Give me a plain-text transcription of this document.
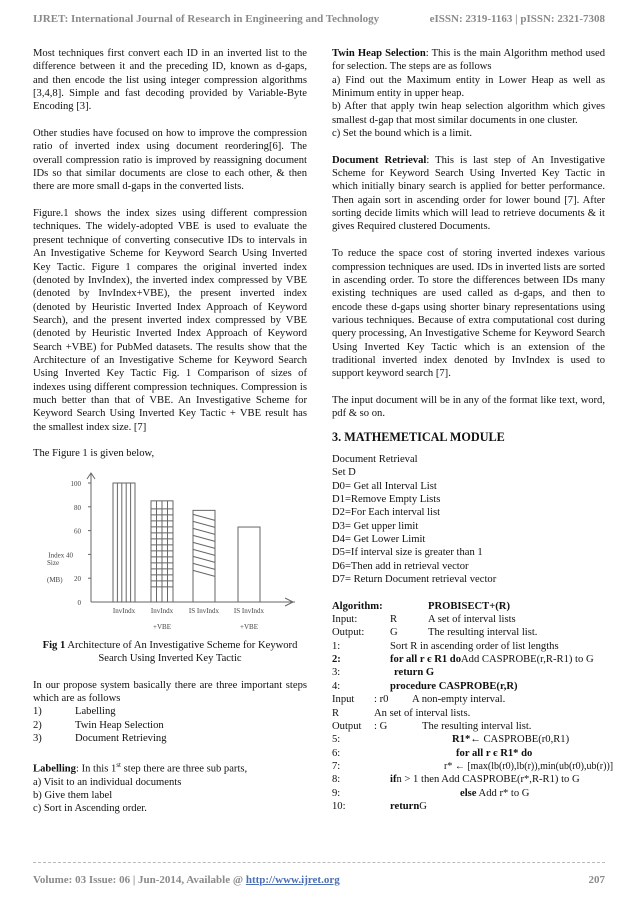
IJRET: International Journal of Research in Engineering and Technology	eISSN: 2319-1163 | pISSN: 2321-7308

Most techniques first convert each ID in an inverted list to the difference between it and the preceding ID, known as d-gaps, and then encode the list using integer compression algorithms [3,4,8]. Simple and fast decoding provided by Variable-Byte Encoding [3].

Other studies have focused on how to improve the compression ratio of inverted index using document reordering[6]. The overall compression ratio is improved by reassigning document IDs so that similar documents are close to each other, & then there are more small d-gaps in the converted lists.

Figure.1 shows the index sizes using different compression techniques. The widely-adopted VBE is used to evaluate the present technique of converting consecutive IDs to intervals in An Investigative Scheme for Keyword Search Using Inverted Key Tactic. Figure 1 compares the original inverted index (denoted by InvIndex), the inverted index compressed by VBE (denoted by InvIndex+VBE), the present inverted index (denoted by Heuristic Inverted Index Approach of Keyword Search), and the present inverted index compressed by VBE (denoted by Heuristic Inverted Index Approach of Keyword Search +VBE) for PubMed datasets. The results show that the Architecture of an Investigative Scheme for Keyword Search Using Inverted Key Tactic Fig. 1 Comparison of sizes of indexes using different compression techniques. Compression is much better than that of VBE. An Investigative Scheme for Keyword Search Using Inverted Key Tactic + VBE result has the smallest index size. [7]

The Figure 1 is given below,

100
80
60
Index 40
20
0
Size
(MB)
InvIndx InvIndx
+VBE
IS InvIndx IS InvIndx
+VBE
Fig 1 Architecture of An Investigative Scheme for Keyword Search Using Inverted Key Tactic

In our propose system basically there are three important steps which are as follows

1)	Labelling
2)	Twin Heap Selection
3)	Document Retrieving
Labelling: In this 1st step there are three sub parts,
a) Visit to an individual documents
b) Give them label
c) Sort in Ascending order.
Twin Heap Selection: This is the main Algorithm method used for selection. The steps are as follows
a) Find out the Maximum entity in Lower Heap as well as Minimum entity in upper heap.
b) After that apply twin heap selection algorithm which gives smallest d-gap that most similar documents in one cluster.
c) Set the bound which is a limit.

Document Retrieval: This is last step of An Investigative Scheme for Keyword Search Using Inverted Key Tactic in which initially binary search is applied for better performance. Then again sort in ascending order for lower bound [7]. After sorting decide limits which will lead to retrieve documents & it gives Required clustered Documents.

To reduce the space cost of storing inverted indexes various compression techniques are used. IDs in inverted lists are sorted in ascending order. To store the differences between IDs many existing techniques are used called as d-gaps, and then to encode these d-gaps using shorter binary representations using various techniques. Because of extra computational cost during query processing, An Investigative Scheme for Keyword Search Using Inverted Key Tactic which is an extension of the traditional inverted index denoted by InvIndex is used to support keyword search [7].

The input document will be in any of the format like text, word, pdf & so on.

3. MATHEMETICAL MODULE
Document Retrieval
Set D
D0= Get all Interval List
D1=Remove Empty Lists
D2=For Each interval list
D3= Get upper limit
D4= Get Lower Limit
D5=If interval size is greater than 1
D6=Then add in retrieval vector
D7= Return Document retrieval vector
Algorithm:	PROBISECT+(R)
Input:	R	A set of interval lists
Output:	G	The resulting interval list.
1:	Sort R in ascending order of list lengths
2:	for all r є R1 do Add CASPROBE(r,R-R1) to G
3:	return G
4:	procedure CASPROBE(r,R)
Input	: r0	A non-empty interval.
R	An set of interval lists.
Output	: G	The resulting interval list.
5:	R1*← CASPROBE(r0,R1)
6:	for all r є R1* do
7:	r* ← [max(lb(r0),lb(r)),min(ub(r0),ub(r))]
8:	if n > 1 then Add CASPROBE(r*,R-R1) to G
9:	else Add r* to G
10:	return G
Volume: 03 Issue: 06 | Jun-2014, Available @ http://www.ijret.org	207
